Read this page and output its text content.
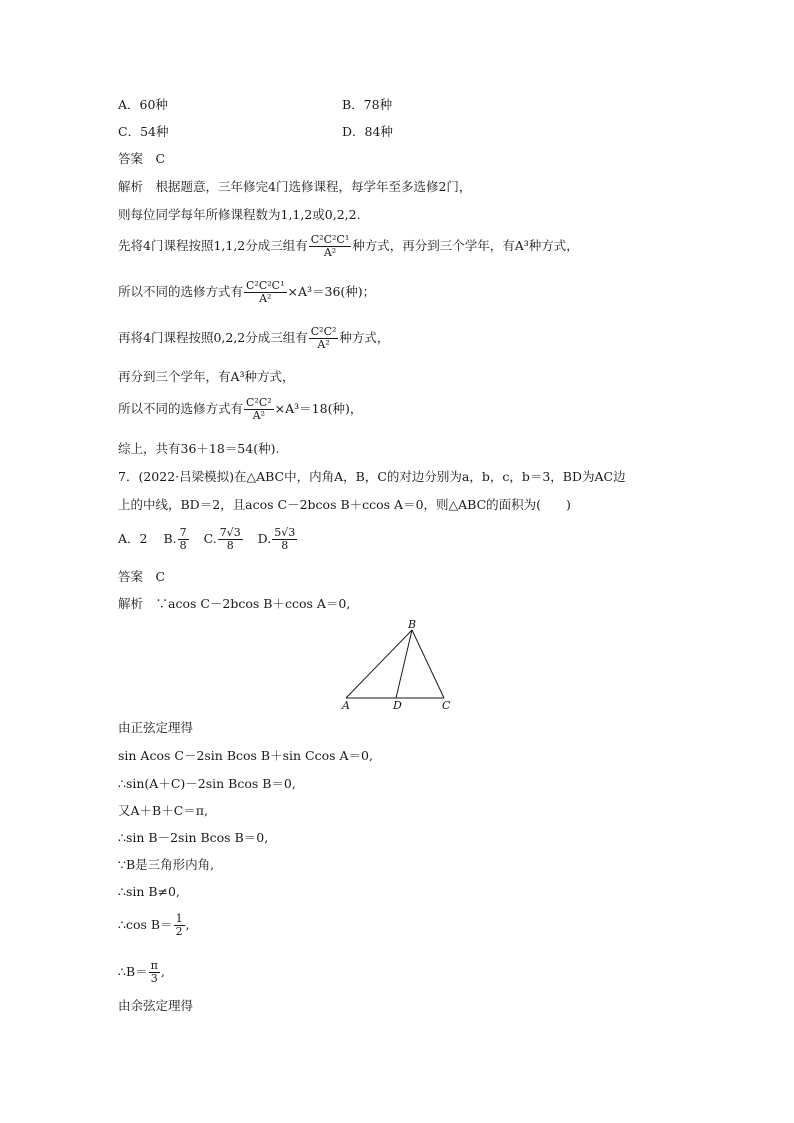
A．60种	B．78种
C．54种	D．84种
答案　C
解析　根据题意，三年修完4门选修课程，每学年至多选修2门，
则每位同学每年所修课程数为1,1,2或0,2,2.
先将4门课程按照1,1,2分成三组有 $\frac{\text{C²C²C¹}}{\text{A²}}$ 种方式，再分到三个学年，有A³种方式，
所以不同的选修方式有 $\frac{\text{C²C²C¹}}{\text{A²}} \times A^3=36$(种)；
再将4门课程按照0,2,2分成三组有 $\frac{\text{C²C²}}{\text{A²}}$ 种方式，
再分到三个学年，有A³种方式，
所以不同的选修方式有 $\frac{\text{C²C²}}{\text{A²}} \times A^3=18$(种)，
综上，共有36＋18＝54(种).
7．(2022·吕梁模拟)在△ABC中，内角A，B，C的对边分别为a，b，c，b＝3，BD为AC边
上的中线，BD＝2，且acos C－2bcos B＋ccos A＝0，则△ABC的面积为(　　)
A．2 B. $\frac{7}{8} C$. $\frac{7√3}{8} D$. $\frac{5√3}{8}$
答案　C
解析　∵acos C－2bcos B＋ccos A＝0,
B
A	D	C
由正弦定理得
sin Acos C－2sin Bcos B＋sin Ccos A＝0,
∴sin(A＋C)－2sin Bcos B＝0,
又A＋B＋C＝π,
∴sin B－2sin Bcos B＝0,
∵B是三角形内角,
∴sin B≠0,
∴cos $B= \frac{1}{2}$ ,
∴B＝ $\frac{\pi}{3}$ ,
由余弦定理得
